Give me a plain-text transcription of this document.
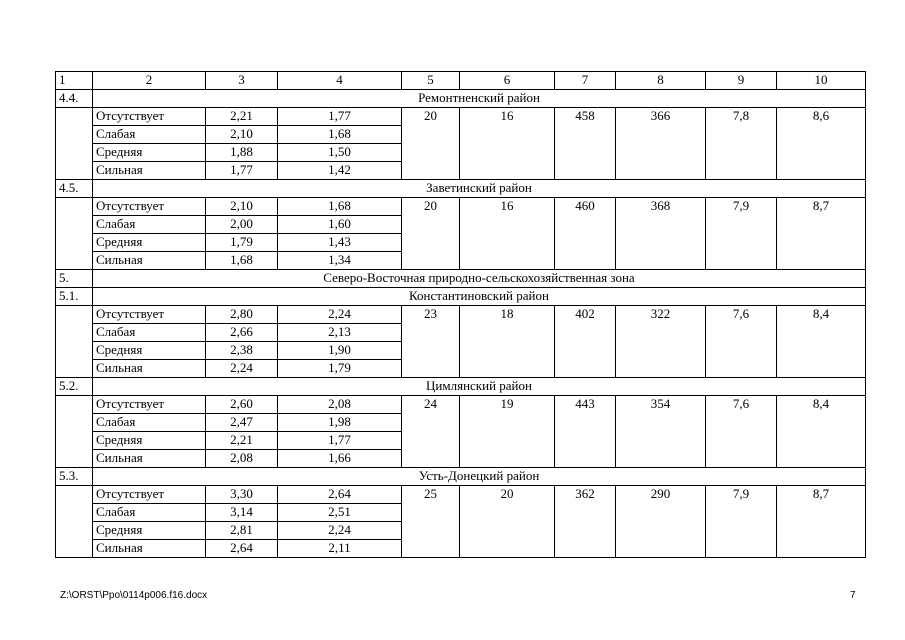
1	2	3	4	5	6	7	8	9	10
4.4.	Ремонтненский район								
	Отсутствует	2,21	1,77	20	16	458	366	7,8	8,6
	Слабая	2,10	1,68						
	Средняя	1,88	1,50						
	Сильная	1,77	1,42						
4.5.	Заветинский район								
	Отсутствует	2,10	1,68	20	16	460	368	7,9	8,7
	Слабая	2,00	1,60						
	Средняя	1,79	1,43						
	Сильная	1,68	1,34						
5.	Северо-Восточная природно-сельскохозяйственная зона								
5.1.	Константиновский район								
	Отсутствует	2,80	2,24	23	18	402	322	7,6	8,4
	Слабая	2,66	2,13						
	Средняя	2,38	1,90						
	Сильная	2,24	1,79						
5.2.	Цимлянский район								
	Отсутствует	2,60	2,08	24	19	443	354	7,6	8,4
	Слабая	2,47	1,98						
	Средняя	2,21	1,77						
	Сильная	2,08	1,66						
5.3.	Усть-Донецкий район								
	Отсутствует	3,30	2,64	25	20	362	290	7,9	8,7
	Слабая	3,14	2,51						
	Средняя	2,81	2,24						
	Сильная	2,64	2,11						
Z:\ORST\Ppo\0114p006.f16.docx	7
